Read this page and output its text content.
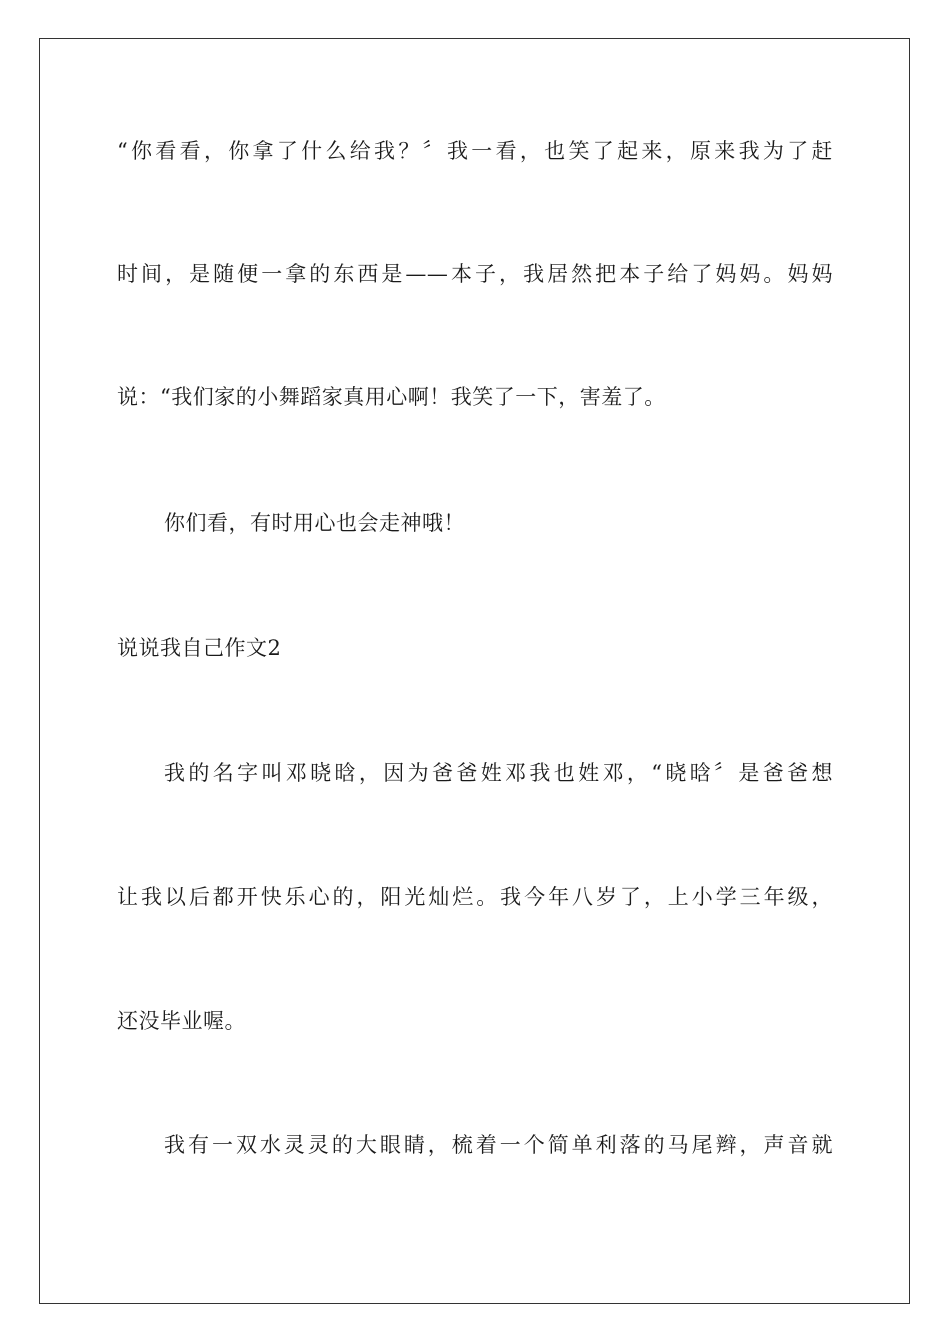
“你看看，你拿了什么给我？〞我一看，也笑了起来，原来我为了赶
时间，是随便一拿的东西是——本子，我居然把本子给了妈妈。妈妈
说：“我们家的小舞蹈家真用心啊！我笑了一下，害羞了。
你们看，有时用心也会走神哦！
说说我自己作文2
我的名字叫邓晓晗，因为爸爸姓邓我也姓邓，“晓晗〞是爸爸想
让我以后都开快乐心的，阳光灿烂。我今年八岁了，上小学三年级，
还没毕业喔。
我有一双水灵灵的大眼睛，梳着一个简单利落的马尾辫，声音就
